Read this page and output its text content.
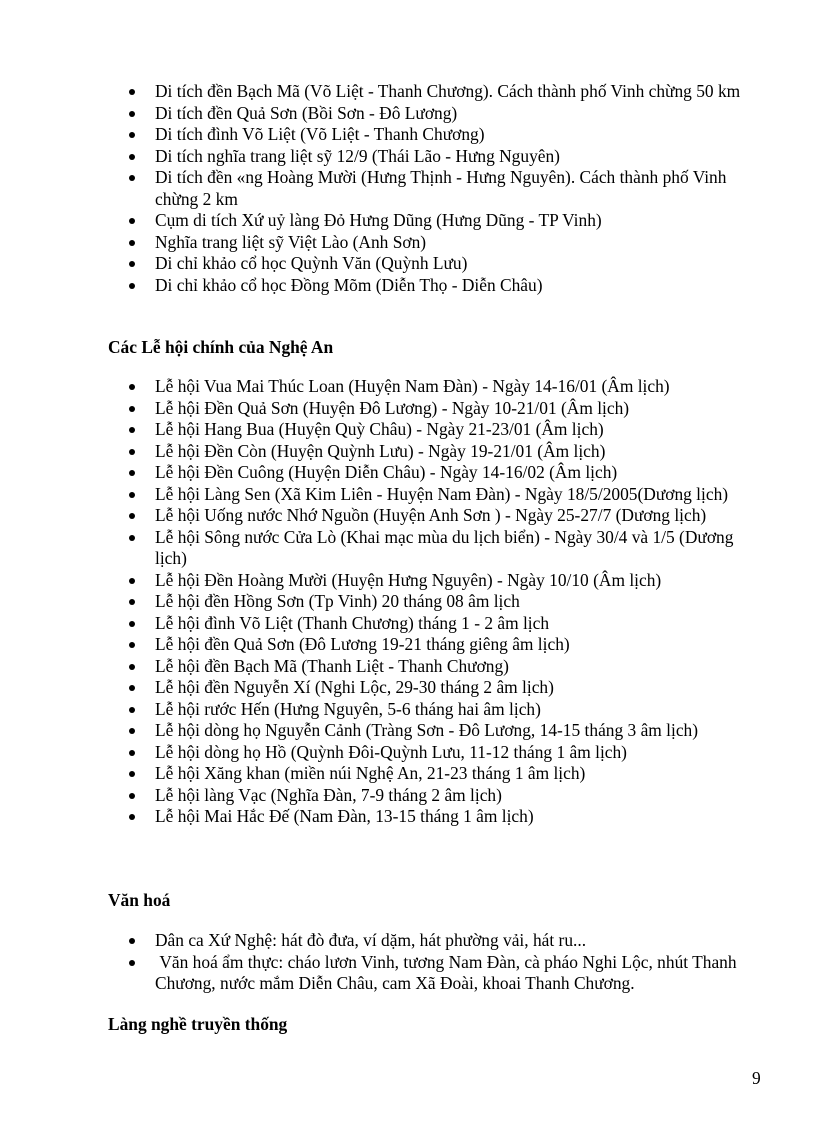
Di tích đền Bạch Mã (Võ Liệt - Thanh Chương). Cách thành phố Vinh chừng 50 km
Di tích đền Quả Sơn (Bồi Sơn - Đô Lương)
Di tích đình Võ Liệt (Võ Liệt - Thanh Chương)
Di tích nghĩa trang liệt sỹ 12/9 (Thái Lão - Hưng Nguyên)
Di tích đền «ng Hoàng Mười (Hưng Thịnh - Hưng Nguyên). Cách thành phố Vinh chừng 2 km
Cụm di tích Xứ uỷ làng Đỏ Hưng Dũng (Hưng Dũng - TP Vinh)
Nghĩa trang liệt sỹ Việt Lào (Anh Sơn)
Di chỉ khảo cổ học Quỳnh Văn (Quỳnh Lưu)
Di chỉ khảo cổ học Đồng Mõm (Diễn Thọ - Diễn Châu)

Các Lễ hội chính của Nghệ An

Lễ hội Vua Mai Thúc Loan (Huyện Nam Đàn) - Ngày 14-16/01 (Âm lịch)
Lễ hội Đền Quả Sơn (Huyện Đô Lương) - Ngày 10-21/01 (Âm lịch)
Lễ hội Hang Bua (Huyện Quỳ Châu) - Ngày 21-23/01 (Âm lịch)
Lễ hội Đền Còn (Huyện Quỳnh Lưu) - Ngày 19-21/01 (Âm lịch)
Lễ hội Đền Cuông (Huyện Diễn Châu) - Ngày 14-16/02 (Âm lịch)
Lễ hội Làng Sen (Xã Kim Liên - Huyện Nam Đàn) - Ngày 18/5/2005(Dương lịch)
Lễ hội Uống nước Nhớ Nguồn (Huyện Anh Sơn ) - Ngày 25-27/7 (Dương lịch)
Lễ hội Sông nước Cửa Lò (Khai mạc mùa du lịch biển) - Ngày 30/4 và 1/5 (Dương lịch)
Lễ hội Đền Hoàng Mười (Huyện Hưng Nguyên) - Ngày 10/10 (Âm lịch)
Lễ hội đền Hồng Sơn (Tp Vinh) 20 tháng 08 âm lịch
Lễ hội đình Võ Liệt (Thanh Chương) tháng 1 - 2 âm lịch
Lễ hội đền Quả Sơn (Đô Lương 19-21 tháng giêng âm lịch)
Lễ hội đền Bạch Mã (Thanh Liệt - Thanh Chương)
Lễ hội đền Nguyễn Xí (Nghi Lộc, 29-30 tháng 2 âm lịch)
Lễ hội rước Hến (Hưng Nguyên, 5-6 tháng hai âm lịch)
Lễ hội dòng họ Nguyễn Cảnh (Tràng Sơn - Đô Lương, 14-15 tháng 3 âm lịch)
Lễ hội dòng họ Hồ (Quỳnh Đôi-Quỳnh Lưu, 11-12 tháng 1 âm lịch)
Lễ hội Xăng khan (miền núi Nghệ An, 21-23 tháng 1 âm lịch)
Lễ hội làng Vạc (Nghĩa Đàn, 7-9 tháng 2 âm lịch)
Lễ hội Mai Hắc Đế (Nam Đàn, 13-15 tháng 1 âm lịch)

Văn hoá

Dân ca Xứ Nghệ: hát đò đưa, ví dặm, hát phường vải, hát ru...
Văn hoá ẩm thực: cháo lươn Vinh, tương Nam Đàn, cà pháo Nghi Lộc, nhút Thanh Chương, nước mắm Diễn Châu, cam Xã Đoài, khoai Thanh Chương.

Làng nghề truyền thống

9
